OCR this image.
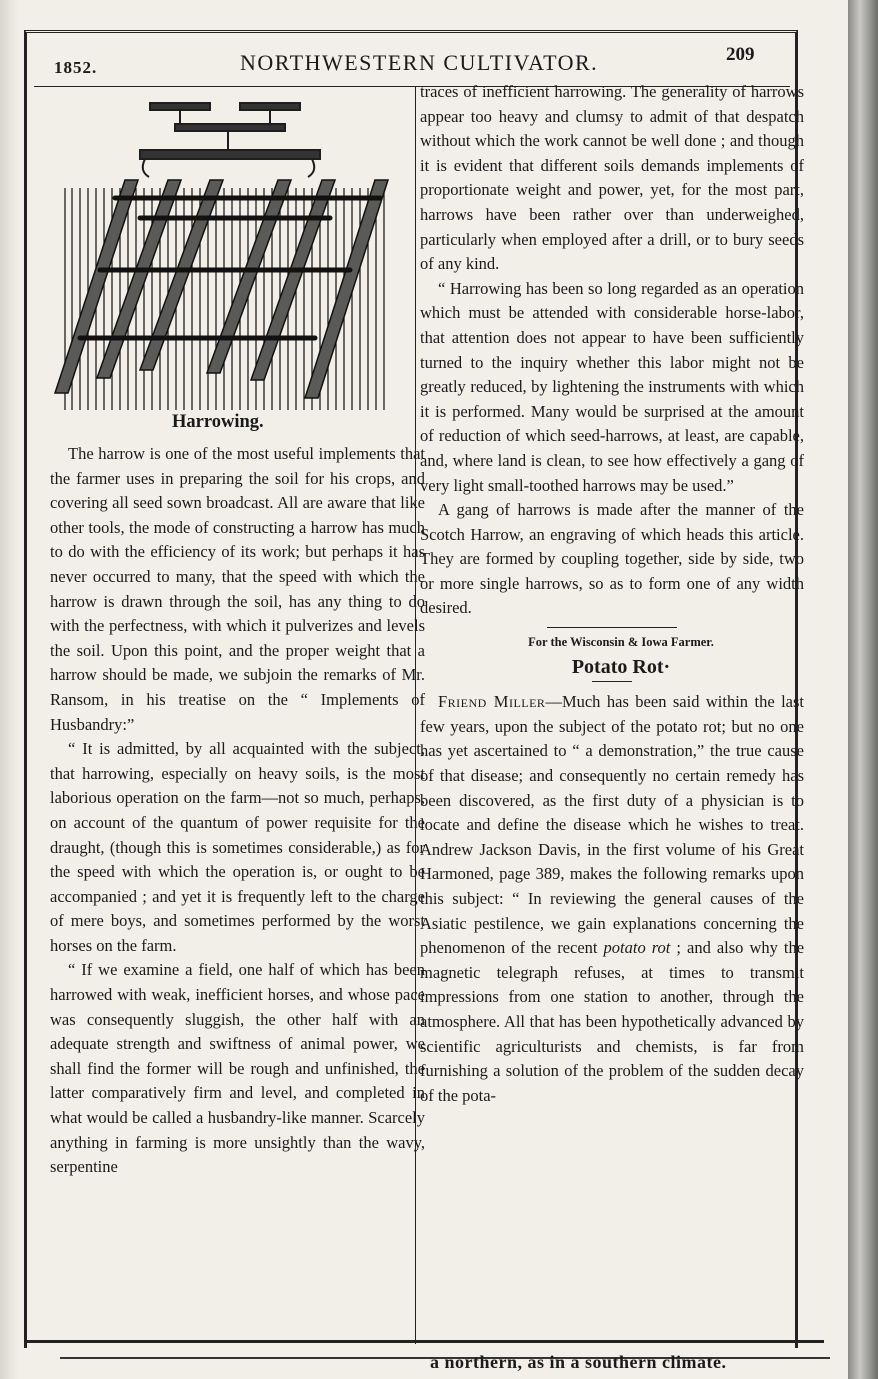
1852.	NORTHWESTERN CULTIVATOR.	209
Harrowing.

The harrow is one of the most useful implements that the farmer uses in preparing the soil for his crops, and covering all seed sown broadcast. All are aware that like other tools, the mode of constructing a harrow has much to do with the efficiency of its work; but perhaps it has never occurred to many, that the speed with which the harrow is drawn through the soil, has any thing to do with the perfectness, with which it pulverizes and levels the soil. Upon this point, and the proper weight that a harrow should be made, we subjoin the remarks of Mr. Ransom, in his treatise on the “ Implements of Husbandry:”

“ It is admitted, by all acquainted with the subject, that harrowing, especially on heavy soils, is the most laborious operation on the farm—not so much, perhaps, on account of the quantum of power requisite for the draught, (though this is sometimes considerable,) as for the speed with which the operation is, or ought to be accompanied ; and yet it is frequently left to the charge of mere boys, and sometimes performed by the worst horses on the farm.

“ If we examine a field, one half of which has been harrowed with weak, inefficient horses, and whose pace was consequently sluggish, the other half with an adequate strength and swiftness of animal power, we shall find the former will be rough and unfinished, the latter comparatively firm and level, and completed in what would be called a husbandry-like manner. Scarcely anything in farming is more unsightly than the wavy, serpentine

traces of inefficient harrowing. The generality of harrows appear too heavy and clumsy to admit of that despatch without which the work cannot be well done ; and though it is evident that different soils demands implements of proportionate weight and power, yet, for the most part, harrows have been rather over than underweighed, particularly when employed after a drill, or to bury seeds of any kind.

“ Harrowing has been so long regarded as an operation which must be attended with considerable horse-labor, that attention does not appear to have been sufficiently turned to the inquiry whether this labor might not be greatly reduced, by lightening the instruments with which it is performed. Many would be surprised at the amount of reduction of which seed-harrows, at least, are capable, and, where land is clean, to see how effectively a gang of very light small-toothed harrows may be used.”

A gang of harrows is made after the manner of the Scotch Harrow, an engraving of which heads this article. They are formed by coupling together, side by side, two or more single harrows, so as to form one of any width desired.

For the Wisconsin & Iowa Farmer.

Potato Rot·

Friend Miller—Much has been said within the last few years, upon the subject of the potato rot; but no one has yet ascertained to “ a demonstration,” the true cause of that disease; and consequently no certain remedy has been discovered, as the first duty of a physician is to locate and define the disease which he wishes to treat. Andrew Jackson Davis, in the first volume of his Great Harmoned, page 389, makes the following remarks upon this subject: “ In reviewing the general causes of the Asiatic pestilence, we gain explanations concerning the phenomenon of the recent potato rot ; and also why the magnetic telegraph refuses, at times to transmit impressions from one station to another, through the atmosphere. All that has been hypothetically advanced by scientific agriculturists and chemists, is far from furnishing a solution of the problem of the sudden decay of the pota-

a northern, as in a southern climate.
